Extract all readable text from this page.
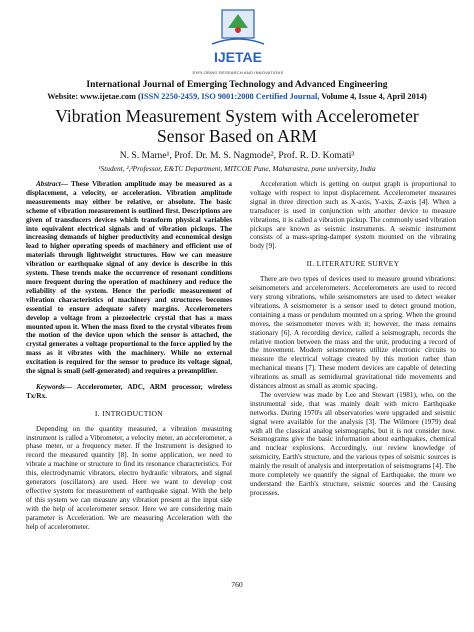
IJETAE
EXPLORING RESEARCH AND INNOVATIONS
International Journal of Emerging Technology and Advanced Engineering
Website: www.ijetae.com (ISSN 2250-2459, ISO 9001:2008 Certified Journal, Volume 4, Issue 4, April 2014)
Vibration Measurement System with Accelerometer Sensor Based on ARM
N. S. Marne¹, Prof. Dr. M. S. Nagmode², Prof. R. D. Komati³
¹Student, ²,³Professor, E&TC Department, MITCOE Pune, Maharastra, pune university, India

Abstract— These Vibration amplitude may be measured as a displacement, a velocity, or acceleration. Vibration amplitude measurements may either be relative, or absolute. The basic scheme of vibration measurement is outlined first. Descriptions are given of transducers devices which transform physical variables into equivalent electrical signals and of vibration pickups. The increasing demands of higher productivity and economical design lead to higher operating speeds of machinery and efficient use of materials through lightweight structures. How we can measure vibration or earthquake signal of any device is describe in this system. These trends make the occurrence of resonant conditions more frequent during the operation of machinery and reduce the reliability of the system. Hence the periodic measurement of vibration characteristics of machinery and structures becomes essential to ensure adequate safety margins. Accelerometers develop a voltage from a piezoelectric crystal that has a mass mounted upon it. When the mass fixed to the crystal vibrates from the motion of the device upon which the sensor is attached, the crystal generates a voltage proportional to the force applied by the mass as it vibrates with the machinery. While no external excitation is required for the sensor to produce its voltage signal, the signal is small (self-generated) and requires a preamplifier.

Keywords— Accelerometer, ADC, ARM processor, wireless Tx/Rx.

I. INTRODUCTION

Depending on the quantity measured, a vibration measuring instrument is called a Vibrometer, a velocity meter, an accelerometer, a phase meter, or a frequency meter. If the Instrument is designed to record the measured quantity [8]. In some application, we need to vibrate a machine or structure to find its resonance characteristics. For this, electrodynamic vibrators, electro hydraulic vibrators, and signal generators (oscillators) are used. Here we want to develop cost effective system for measurement of earthquake signal. With the help of this system we can measure any vibration present at the input side with the help of accelerometer sensor. Here we are considering main parameter is Acceleration. We are measuring Acceleration with the help of accelerometer.

Acceleration which is getting on output graph is proportional to voltage with respect to input displacement. Accelerometer measures signal in three direction such as X-axis, Y-axis, Z-axis [4]. When a transducer is used in conjunction with another device to measure vibrations, it is called a vibration pickup. The commonly used vibration pickups are known as seismic instruments. A seismic instrument consists of a mass-spring-damper system mounted on the vibrating body [9].

II. LITERATURE SURVEY

There are two types of devices used to measure ground vibrations: seismometers and accelerometers. Accelerometers are used to record very strong vibrations, while seismometers are used to detect weaker vibrations. A seismometer is a sensor used to detect ground motion, containing a mass or pendulum mounted on a spring. When the ground moves, the seismometer moves with it; however, the mass remains stationary [6]. A recording device, called a seismograph, records the relative motion between the mass and the unit, producing a record of the movement. Modern seismometers utilize electronic circuits to measure the electrical voltage created by this motion rather than mechanical means [7]. These modern devices are capable of detecting vibrations as small as semidiurnal gravitational tide movements and distances almost as small as atomic spacing.

The overview was made by Lee and Stewart (1981), who, on the instrumental side, that was mainly dealt with micro Earthquake networks. During 1970's all observatories were upgraded and seismic signal were available for the analysis [3]. The Wilmore (1979) deal with all the classical analog seismographs, but it is not consider now. Seismograms give the basic information about earthquakes, chemical and nuclear explosions. Accordingly, our review knowledge of seismicity, Earth's structure, and the various types of seismic sources is mainly the result of analysis and interpretation of seismograms [4]. The more completely we quantify the signal of Earthquake, the more we understand the Earth's structure, seismic sources and the Causing processes.

760
